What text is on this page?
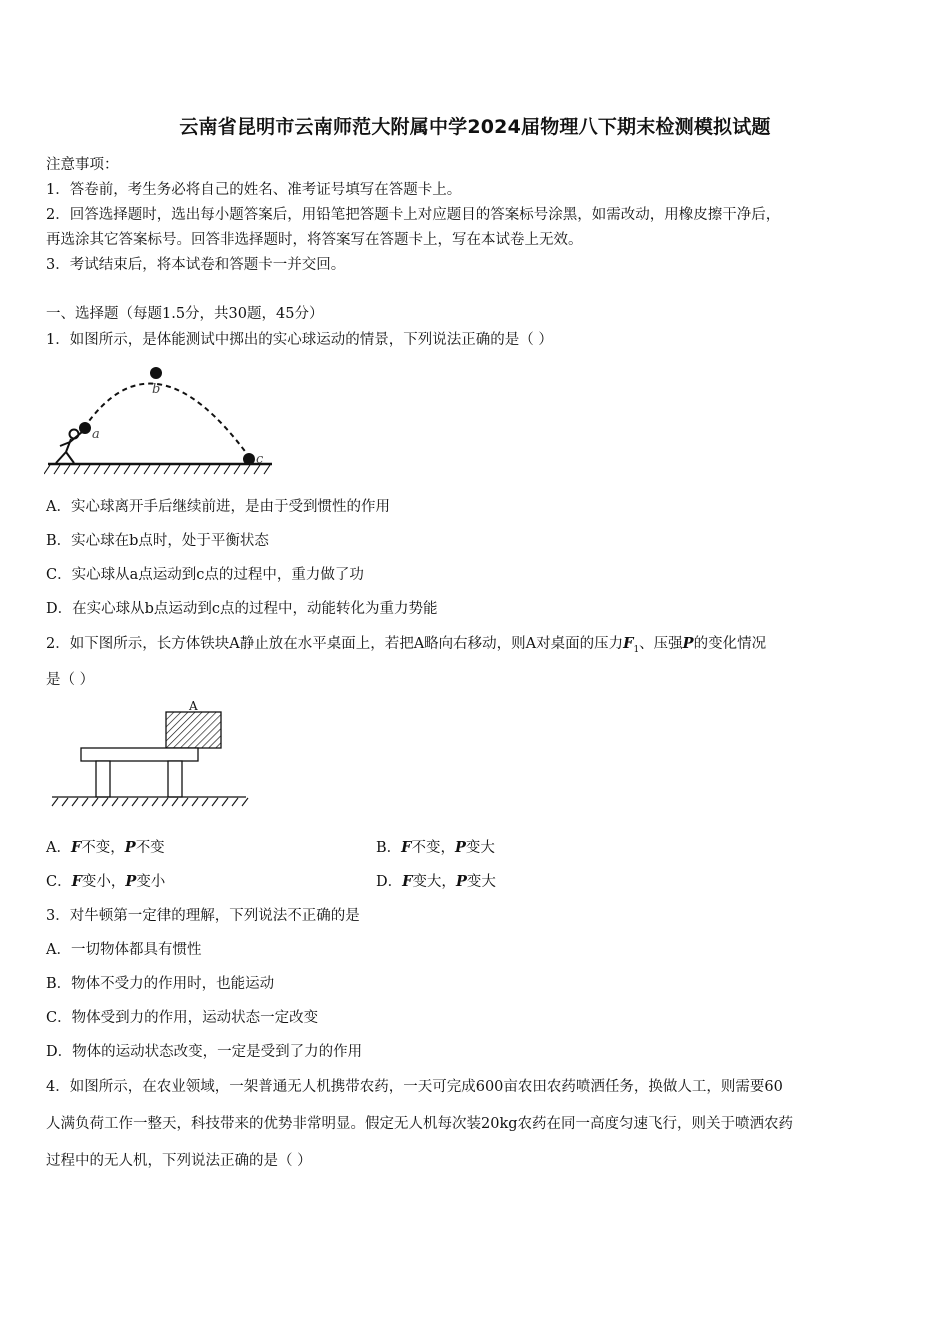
云南省昆明市云南师范大附属中学2024届物理八下期末检测模拟试题
注意事项：
1．答卷前，考生务必将自己的姓名、准考证号填写在答题卡上。
2．回答选择题时，选出每小题答案后，用铅笔把答题卡上对应题目的答案标号涂黑，如需改动，用橡皮擦干净后，
再选涂其它答案标号。回答非选择题时，将答案写在答题卡上，写在本试卷上无效。
3．考试结束后，将本试卷和答题卡一并交回。
一、选择题（每题1.5分，共30题，45分）
1．如图所示，是体能测试中掷出的实心球运动的情景，下列说法正确的是（ ）
a
b
c
A．实心球离开手后继续前进，是由于受到惯性的作用
B．实心球在b点时，处于平衡状态
C．实心球从a点运动到c点的过程中，重力做了功
D．在实心球从b点运动到c点的过程中，动能转化为重力势能
2．如下图所示，长方体铁块A静止放在水平桌面上，若把A略向右移动，则A对桌面的压力$F_1$、压强P的变化情况
是（ ）
A
A．F不变，P不变	B．F不变，P变大
C．F变小，P变小	D．F变大，P变大
3．对牛顿第一定律的理解，下列说法不正确的是
A．一切物体都具有惯性
B．物体不受力的作用时，也能运动
C．物体受到力的作用，运动状态一定改变
D．物体的运动状态改变，一定是受到了力的作用
4．如图所示，在农业领域，一架普通无人机携带农药，一天可完成600亩农田农药喷洒任务，换做人工，则需要60
人满负荷工作一整天，科技带来的优势非常明显。假定无人机每次装20kg农药在同一高度匀速飞行，则关于喷洒农药
过程中的无人机，下列说法正确的是（ ）
